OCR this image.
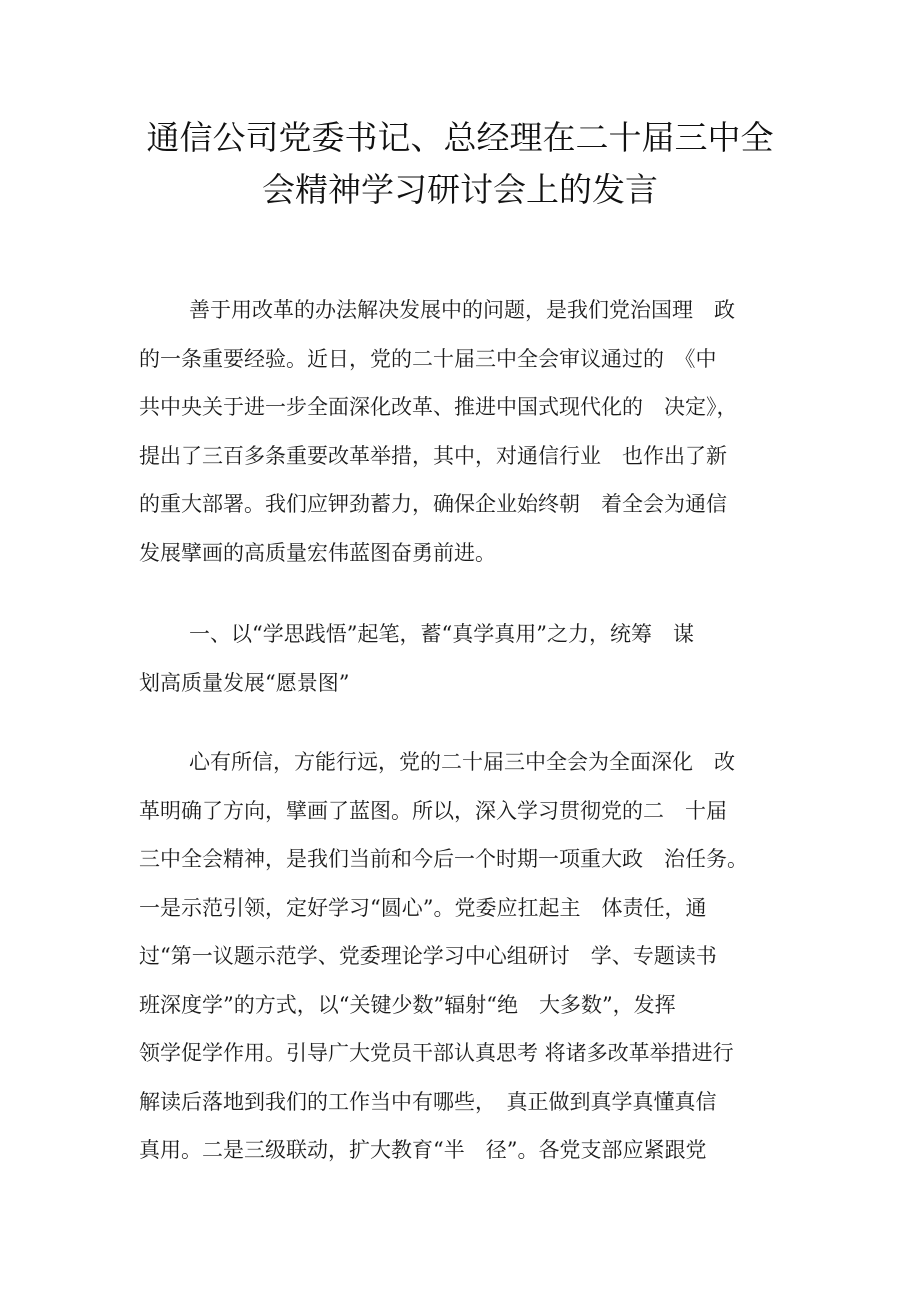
通信公司党委书记、总经理在二十届三中全
会精神学习研讨会上的发言

善于用改革的办法解决发展中的问题，是我们党治国理　政
的一条重要经验。近日，党的二十届三中全会审议通过的　《中
共中央关于进一步全面深化改革、推进中国式现代化的　决定》，
提出了三百多条重要改革举措，其中，对通信行业　也作出了新
的重大部署。我们应钾劲蓄力，确保企业始终朝　着全会为通信
发展擘画的高质量宏伟蓝图奋勇前进。

一、以“学思践悟”起笔，蓄“真学真用”之力，统筹　谋
划高质量发展“愿景图”

心有所信，方能行远，党的二十届三中全会为全面深化　改
革明确了方向，擘画了蓝图。所以，深入学习贯彻党的二　十届
三中全会精神，是我们当前和今后一个时期一项重大政　治任务。
一是示范引领，定好学习“圆心”。党委应扛起主　体责任，通
过“第一议题示范学、党委理论学习中心组研讨　学、专题读书
班深度学”的方式，以“关键少数”辐射“绝　大多数”，发挥
领学促学作用。引导广大党员干部认真思考 将诸多改革举措进行
解读后落地到我们的工作当中有哪些，　真正做到真学真懂真信
真用。二是三级联动，扩大教育“半　径”。各党支部应紧跟党
